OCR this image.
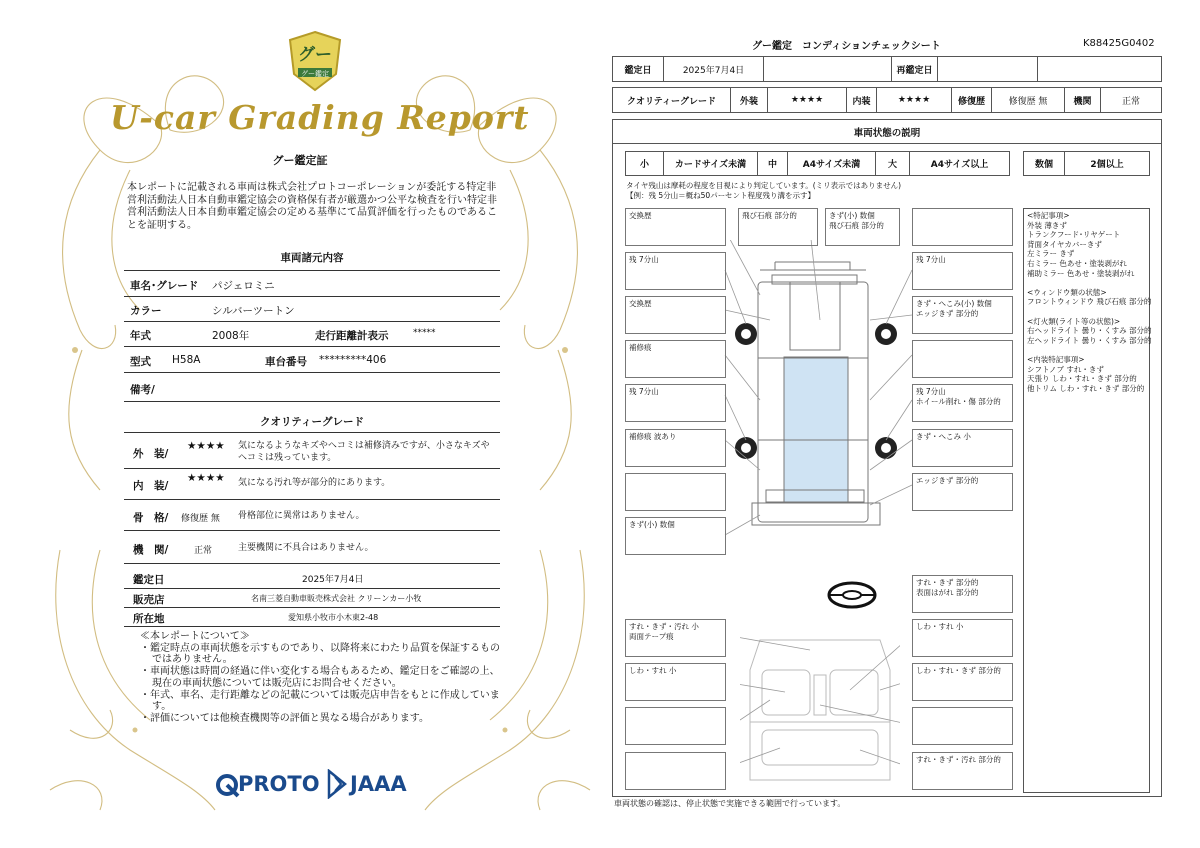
グー
グー鑑定
U-car Grading Report
グー鑑定証
本レポートに記載される車両は株式会社プロトコーポレーションが委託する特定非営利活動法人日本自動車鑑定協会の資格保有者が厳選かつ公平な検査を行い特定非営利活動法人日本自動車鑑定協会の定める基準にて品質評価を行ったものであることを証明する。
車両諸元内容
車名･グレード パジェロミニ
カラー	シルバーツートン
年式	2008年	走行距離計表示	*****
型式 H58A	車台番号 *********406
備考/
クオリティーグレード
外　装/
★★★★ 気になるようなキズやヘコミは補修済みですが、小さなキズやヘコミは残っています。
内　装/
★★★★ 気になる汚れ等が部分的にあります。
骨　格/ 修復歴 無 骨格部位に異常はありません。
機　関/	正常	主要機関に不具合はありません。
鑑定日	2025年7月4日
販売店	名南三菱自動車販売株式会社 クリーンカー小牧
所在地	愛知県小牧市小木東2-48
≪本レポートについて≫
・鑑定時点の車両状態を示すものであり、以降将来にわたり品質を保証するものではありません。
・車両状態は時間の経過に伴い変化する場合もあるため、鑑定日をご確認の上、現在の車両状態については販売店にお問合せください。
・年式、車名、走行距離などの記載については販売店申告をもとに作成しています。
・評価については他検査機関等の評価と異なる場合があります。
PROTO JAAA
グー鑑定　コンディションチェックシート	K88425G0402
鑑定日	2025年7月4日	再鑑定日
クオリティーグレード	外装	★★★★	内装	★★★★	修復歴	修復歴 無	機関	正常
車両状態の説明
小	カードサイズ未満	中	A4サイズ未満	大	A4サイズ以上	数個	2個以上
タイヤ残山は摩耗の程度を目視により判定しています。(ミリ表示ではありません)
【例：残 5分山＝概ね50パーセント程度残り溝を示す】
交換歴
残 7分山
交換歴
補修痕
残 7分山
補修痕 波あり
きず(小) 数個
飛び石痕 部分的	きず(小) 数個
飛び石痕 部分的
残 7分山
きず・へこみ(小) 数個
エッジきず 部分的
残 7分山
ホイール削れ・傷 部分的
きず・へこみ 小
エッジきず 部分的
すれ・きず 部分的
表面はがれ 部分的
しわ・すれ 小
しわ・すれ・きず 部分的
すれ・きず・汚れ 部分的
すれ・きず・汚れ 小
両面テープ痕
しわ・すれ 小
<特記事項>
外装 薄きず
トランクフード･リヤゲート
背面タイヤカバーきず
左ミラー きず
右ミラー 色あせ・塗装剥がれ
補助ミラー 色あせ・塗装剥がれ
<ウィンドウ類の状態>
フロントウィンドウ 飛び石痕 部分的
<灯火類(ライト等の状態)>
右ヘッドライト 曇り・くすみ 部分的
左ヘッドライト 曇り・くすみ 部分的
<内装特記事項>
シフトノブ すれ・きず
天張り しわ・すれ・きず 部分的
他トリム しわ・すれ・きず 部分的
車両状態の確認は、停止状態で実施できる範囲で行っています。
